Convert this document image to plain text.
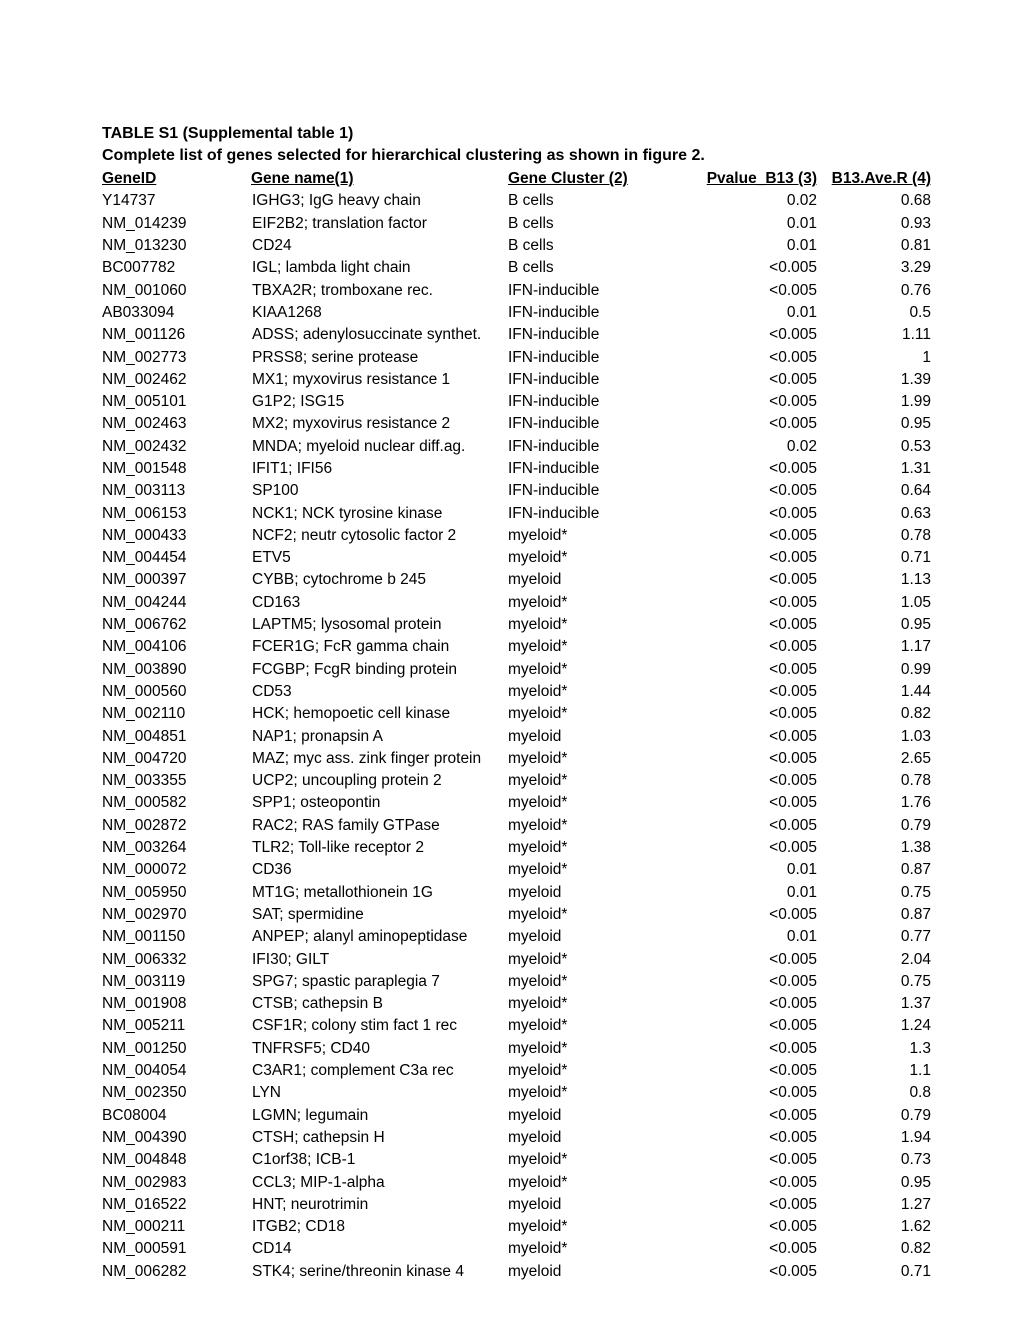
TABLE S1 (Supplemental table 1)
Complete list of genes selected for hierarchical clustering as shown in figure 2.
GeneID	Gene name(1)	Gene Cluster (2)	Pvalue_B13 (3)	B13.Ave.R (4)
Y14737	IGHG3; IgG heavy chain	B cells	0.02	0.68
NM_014239	EIF2B2; translation factor	B cells	0.01	0.93
NM_013230	CD24	B cells	0.01	0.81
BC007782	IGL; lambda light chain	B cells	<0.005	3.29
NM_001060	TBXA2R; tromboxane rec.	IFN-inducible	<0.005	0.76
AB033094	KIAA1268	IFN-inducible	0.01	0.5
NM_001126	ADSS; adenylosuccinate synthet.	IFN-inducible	<0.005	1.11
NM_002773	PRSS8; serine protease	IFN-inducible	<0.005	1
NM_002462	MX1; myxovirus resistance 1	IFN-inducible	<0.005	1.39
NM_005101	G1P2; ISG15	IFN-inducible	<0.005	1.99
NM_002463	MX2; myxovirus resistance 2	IFN-inducible	<0.005	0.95
NM_002432	MNDA; myeloid nuclear diff.ag.	IFN-inducible	0.02	0.53
NM_001548	IFIT1; IFI56	IFN-inducible	<0.005	1.31
NM_003113	SP100	IFN-inducible	<0.005	0.64
NM_006153	NCK1; NCK tyrosine kinase	IFN-inducible	<0.005	0.63
NM_000433	NCF2; neutr cytosolic factor 2	myeloid*	<0.005	0.78
NM_004454	ETV5	myeloid*	<0.005	0.71
NM_000397	CYBB; cytochrome b 245	myeloid	<0.005	1.13
NM_004244	CD163	myeloid*	<0.005	1.05
NM_006762	LAPTM5; lysosomal protein	myeloid*	<0.005	0.95
NM_004106	FCER1G; FcR gamma chain	myeloid*	<0.005	1.17
NM_003890	FCGBP; FcgR binding protein	myeloid*	<0.005	0.99
NM_000560	CD53	myeloid*	<0.005	1.44
NM_002110	HCK; hemopoetic cell kinase	myeloid*	<0.005	0.82
NM_004851	NAP1; pronapsin A	myeloid	<0.005	1.03
NM_004720	MAZ; myc ass. zink finger protein	myeloid*	<0.005	2.65
NM_003355	UCP2; uncoupling protein 2	myeloid*	<0.005	0.78
NM_000582	SPP1; osteopontin	myeloid*	<0.005	1.76
NM_002872	RAC2; RAS family GTPase	myeloid*	<0.005	0.79
NM_003264	TLR2; Toll-like receptor 2	myeloid*	<0.005	1.38
NM_000072	CD36	myeloid*	0.01	0.87
NM_005950	MT1G; metallothionein 1G	myeloid	0.01	0.75
NM_002970	SAT; spermidine	myeloid*	<0.005	0.87
NM_001150	ANPEP; alanyl aminopeptidase	myeloid	0.01	0.77
NM_006332	IFI30; GILT	myeloid*	<0.005	2.04
NM_003119	SPG7; spastic paraplegia 7	myeloid*	<0.005	0.75
NM_001908	CTSB; cathepsin B	myeloid*	<0.005	1.37
NM_005211	CSF1R; colony stim fact 1 rec	myeloid*	<0.005	1.24
NM_001250	TNFRSF5; CD40	myeloid*	<0.005	1.3
NM_004054	C3AR1; complement C3a rec	myeloid*	<0.005	1.1
NM_002350	LYN	myeloid*	<0.005	0.8
BC08004	LGMN; legumain	myeloid	<0.005	0.79
NM_004390	CTSH; cathepsin H	myeloid	<0.005	1.94
NM_004848	C1orf38; ICB-1	myeloid*	<0.005	0.73
NM_002983	CCL3; MIP-1-alpha	myeloid*	<0.005	0.95
NM_016522	HNT; neurotrimin	myeloid	<0.005	1.27
NM_000211	ITGB2; CD18	myeloid*	<0.005	1.62
NM_000591	CD14	myeloid*	<0.005	0.82
NM_006282	STK4; serine/threonin kinase 4	myeloid	<0.005	0.71
